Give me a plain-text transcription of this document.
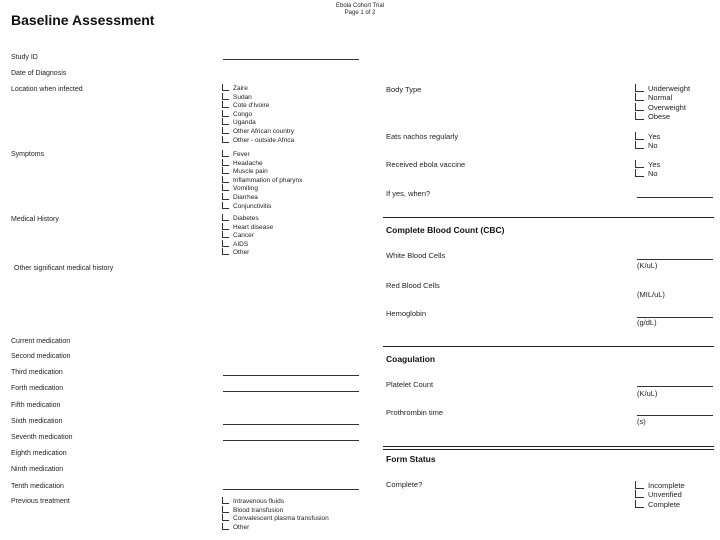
Ebola Cohort Trial
Page 1 of 2
Baseline Assessment
Study ID
Date of Diagnosis
Location when infected	Zaire
Sudan
Cote d'Ivoire
Congo
Uganda
Other African country
Other - outside Africa
Symptoms	Fever
Headache
Muscle pain
Inflammation of pharynx
Vomiting
Diarrhea
Conjunctivitis
Medical History	Diabetes
Heart disease
Cancer
AIDS
Other
Other significant medical history
Current medication
Second medication
Third medication
Forth medication
Fifth medication
Sixth medication
Seventh medication
Eighth medication
Ninth medication
Tenth medication
Previous treatment	Intravenous fluids
Blood transfusion
Convalescent plasma transfusion
Other
Body Type	Underweight
Normal
Overweight
Obese
Eats nachos regularly	Yes
No
Received ebola vaccine	Yes
No
If yes, when?
Complete Blood Count (CBC)
White Blood Cells
(K/uL)
Red Blood Cells
(MIL/uL)
Hemoglobin
(g/dL)
Coagulation
Platelet Count
(K/uL)
Prothrombin time
(s)
Form Status
Complete?	Incomplete
Unverified
Complete
